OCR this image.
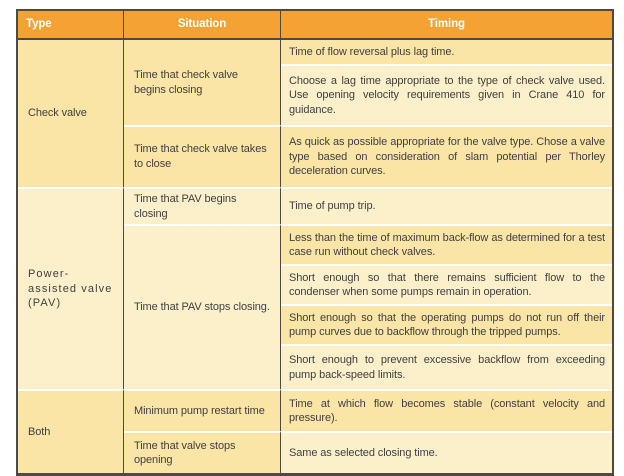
Type	Situation	Timing
Check valve	Time that check valve begins closing	Time of flow reversal plus lag time.
		Choose a lag time appropriate to the type of check valve used. Use opening velocity requirements given in Crane 410 for guidance.
	Time that check valve takes to close	As quick as possible appropriate for the valve type. Chose a valve type based on consideration of slam potential per Thorley deceleration curves.
Power-assisted valve (PAV)	Time that PAV begins closing	Time of pump trip.
	Time that PAV stops closing.	Less than the time of maximum back-flow as determined for a test case run without check valves.
		Short enough so that there remains sufficient flow to the condenser when some pumps remain in operation.
		Short enough so that the operating pumps do not run off their pump curves due to backflow through the tripped pumps.
		Short enough to prevent excessive backflow from exceeding pump back-speed limits.
Both	Minimum pump restart time	Time at which flow becomes stable (constant velocity and pressure).
	Time that valve stops opening	Same as selected closing time.
